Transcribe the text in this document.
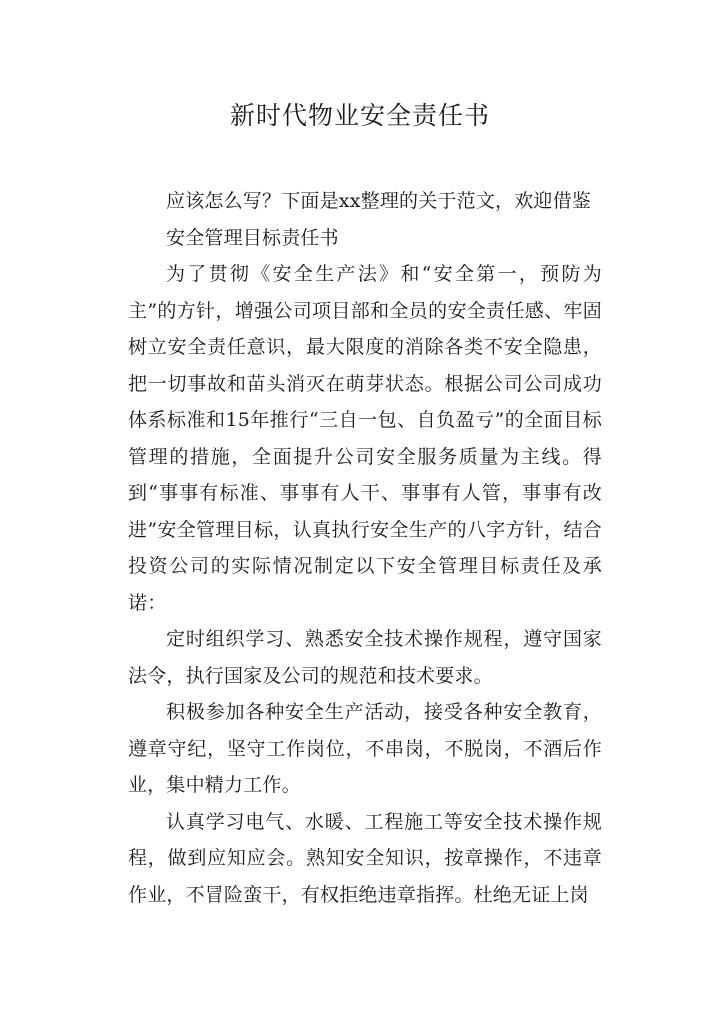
新时代物业安全责任书

应该怎么写？下面是xx整理的关于范文，欢迎借鉴

安全管理目标责任书

为了贯彻《安全生产法》和“安全第一，预防为主”的方针，增强公司项目部和全员的安全责任感、牢固树立安全责任意识，最大限度的消除各类不安全隐患，把一切事故和苗头消灭在萌芽状态。根据公司公司成功体系标准和15年推行“三自一包、自负盈亏”的全面目标管理的措施，全面提升公司安全服务质量为主线。得到“事事有标准、事事有人干、事事有人管，事事有改进”安全管理目标，认真执行安全生产的八字方针，结合投资公司的实际情况制定以下安全管理目标责任及承诺：

定时组织学习、熟悉安全技术操作规程，遵守国家法令，执行国家及公司的规范和技术要求。

积极参加各种安全生产活动，接受各种安全教育，遵章守纪，坚守工作岗位，不串岗，不脱岗，不酒后作业，集中精力工作。

认真学习电气、水暖、工程施工等安全技术操作规程，做到应知应会。熟知安全知识，按章操作，不违章作业，不冒险蛮干，有权拒绝违章指挥。杜绝无证上岗
